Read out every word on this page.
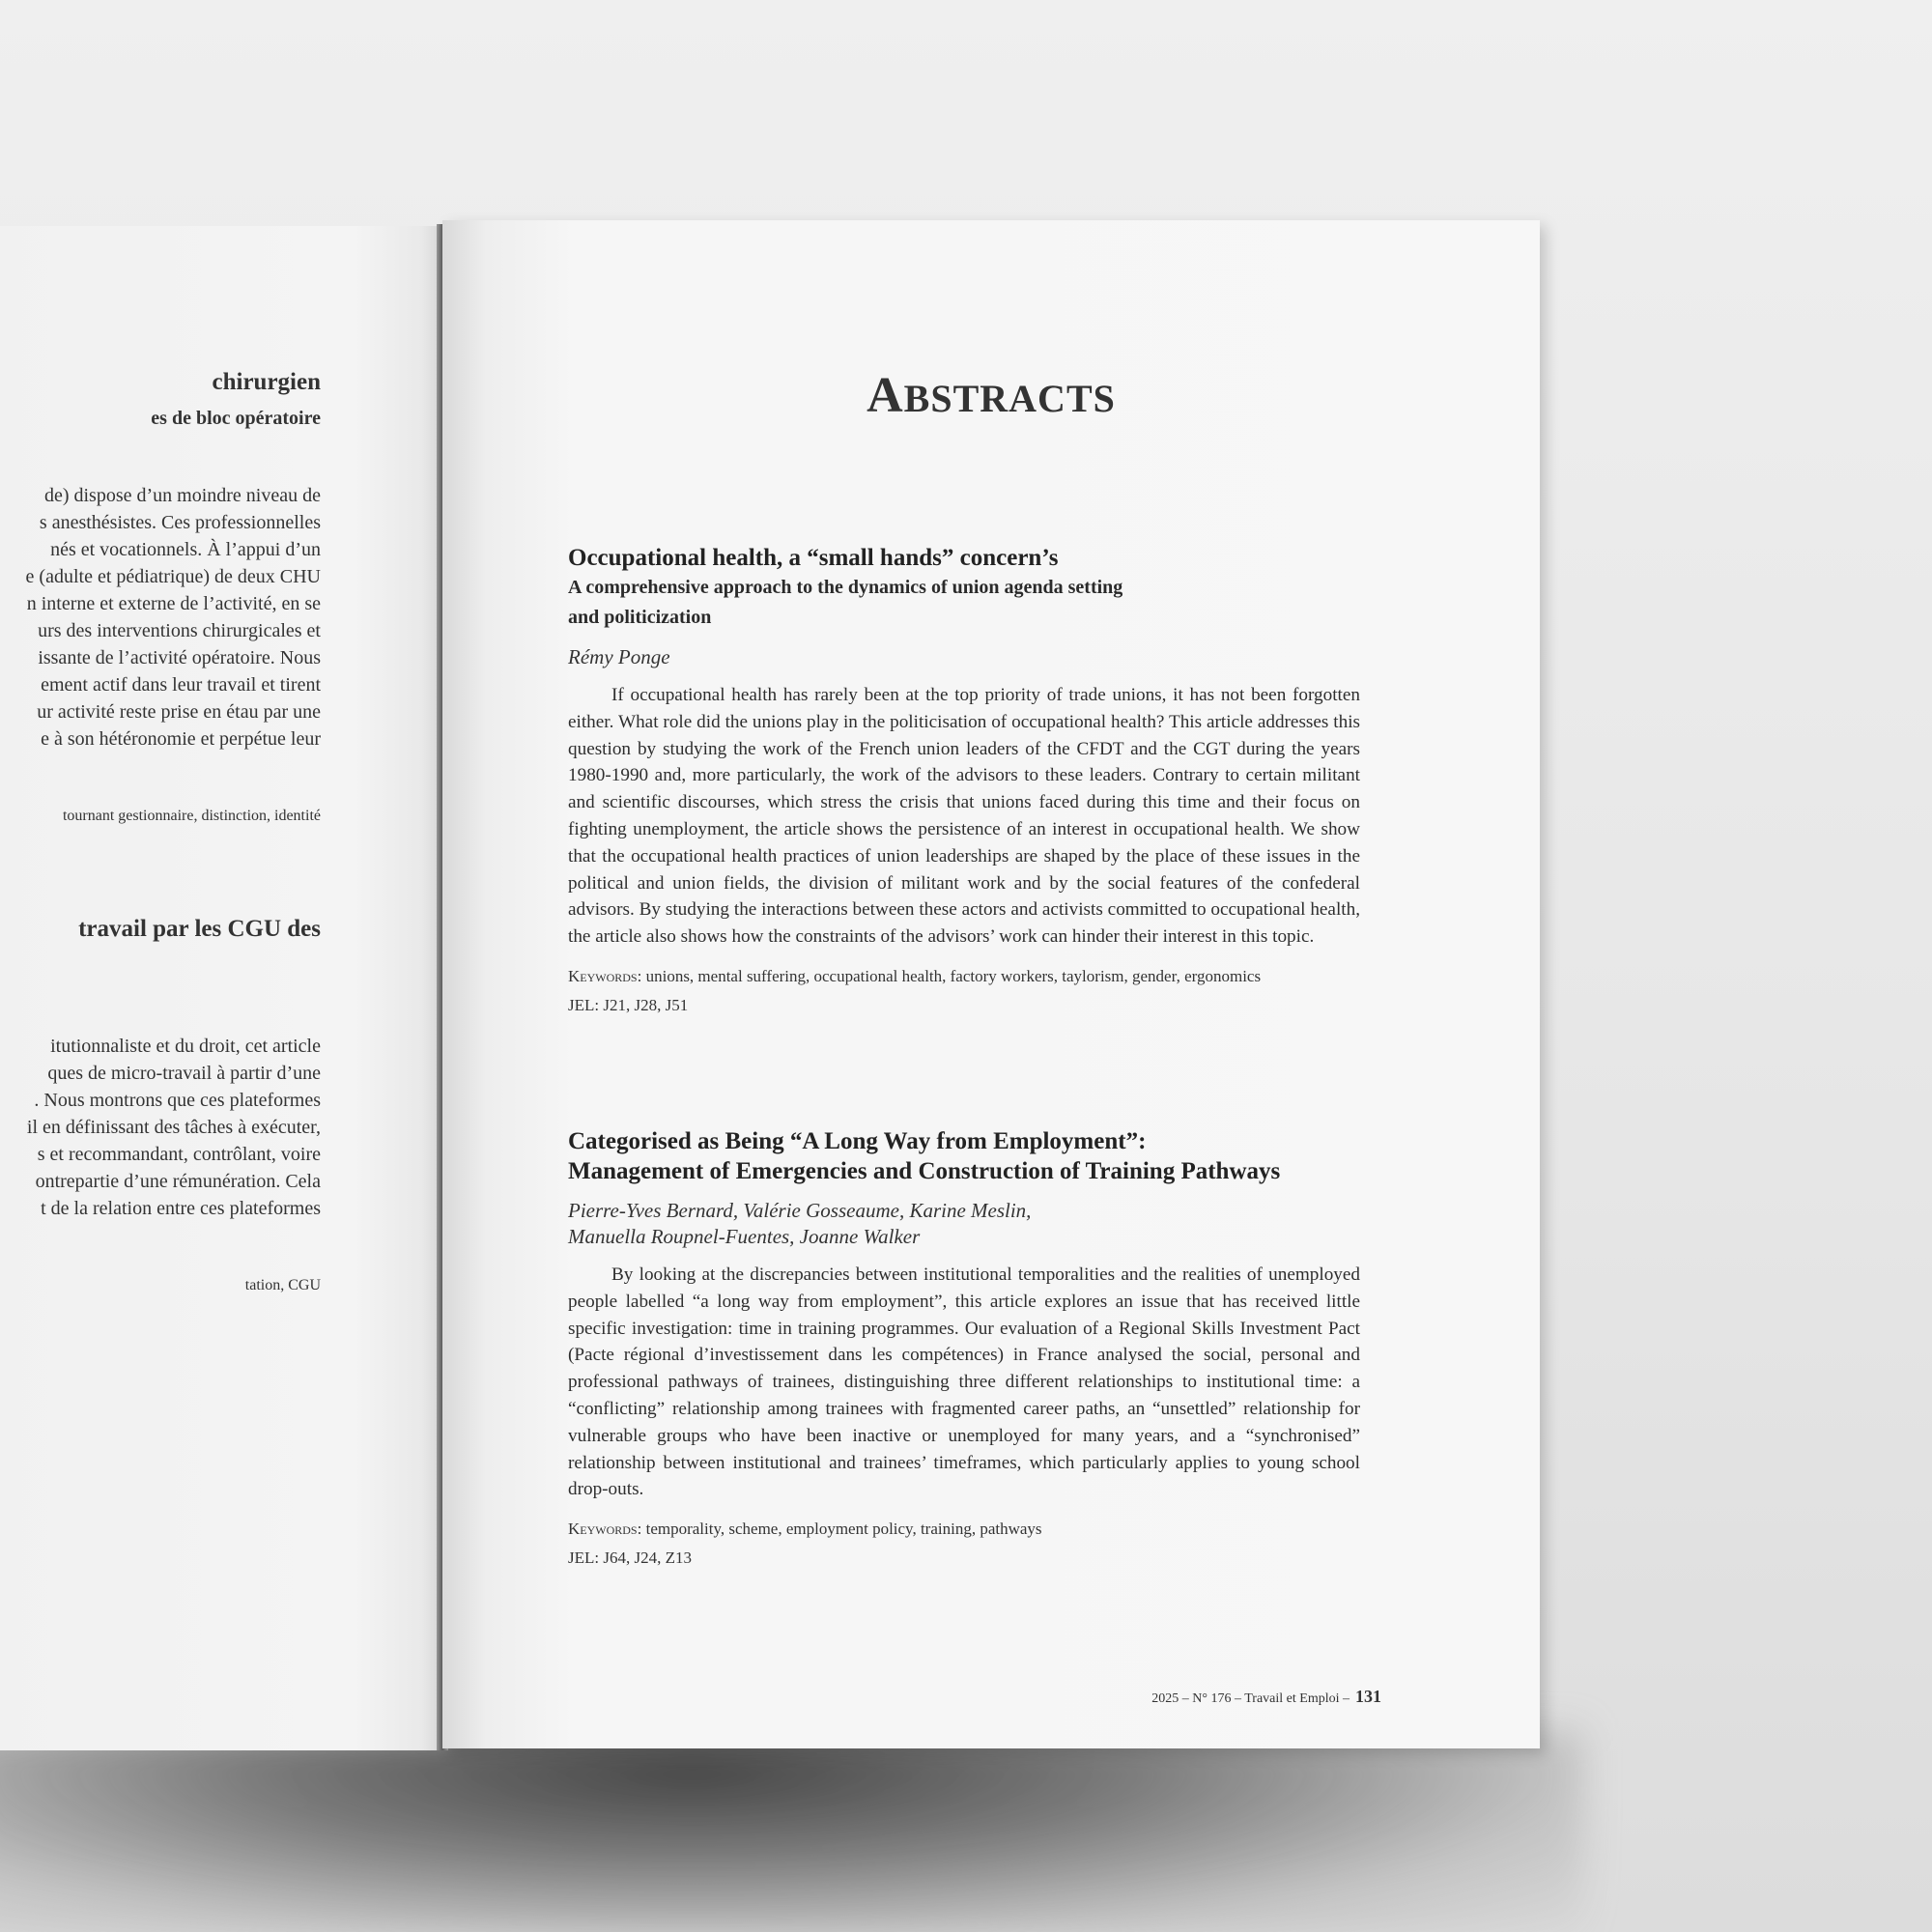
chirurgien
es de bloc opératoire
de) dispose d’un moindre niveau de
s anesthésistes. Ces professionnelles
nés et vocationnels. À l’appui d’un
e (adulte et pédiatrique) de deux CHU
n interne et externe de l’activité, en se
urs des interventions chirurgicales et
issante de l’activité opératoire. Nous
ement actif dans leur travail et tirent
ur activité reste prise en étau par une
e à son hétéronomie et perpétue leur
tournant gestionnaire, distinction, identité
travail par les CGU des
itutionnaliste et du droit, cet article
ques de micro-travail à partir d’une
. Nous montrons que ces plateformes
il en définissant des tâches à exécuter,
s et recommandant, contrôlant, voire
ontrepartie d’une rémunération. Cela
t de la relation entre ces plateformes
tation, CGU
ABSTRACTS
Occupational health, a “small hands” concern’s
A comprehensive approach to the dynamics of union agenda setting
and politicization
Rémy Ponge
If occupational health has rarely been at the top priority of trade unions, it has not been forgotten either. What role did the unions play in the politicisation of occupational health? This article addresses this question by studying the work of the French union leaders of the CFDT and the CGT during the years 1980-1990 and, more particularly, the work of the advisors to these leaders. Contrary to certain militant and scientific discourses, which stress the crisis that unions faced during this time and their focus on fighting unemployment, the article shows the persistence of an interest in occupational health. We show that the occupational health practices of union leaderships are shaped by the place of these issues in the political and union fields, the division of militant work and by the social features of the confederal advisors. By studying the interactions between these actors and activists committed to occupational health, the article also shows how the constraints of the advisors’ work can hinder their interest in this topic.
Keywords: unions, mental suffering, occupational health, factory workers, taylorism, gender, ergonomics
JEL: J21, J28, J51
Categorised as Being “A Long Way from Employment”:
Management of Emergencies and Construction of Training Pathways
Pierre-Yves Bernard, Valérie Gosseaume, Karine Meslin,
Manuella Roupnel-Fuentes, Joanne Walker
By looking at the discrepancies between institutional temporalities and the realities of unemployed people labelled “a long way from employment”, this article explores an issue that has received little specific investigation: time in training programmes. Our evaluation of a Regional Skills Investment Pact (Pacte régional d’investissement dans les compétences) in France analysed the social, personal and professional pathways of trainees, distinguishing three different relationships to institutional time: a “conflicting” relationship among trainees with fragmented career paths, an “unsettled” relationship for vulnerable groups who have been inactive or unemployed for many years, and a “synchronised” relationship between institutional and trainees’ timeframes, which particularly applies to young school drop-outs.
Keywords: temporality, scheme, employment policy, training, pathways
JEL: J64, J24, Z13
2025 – N° 176 – Travail et Emploi – 131
